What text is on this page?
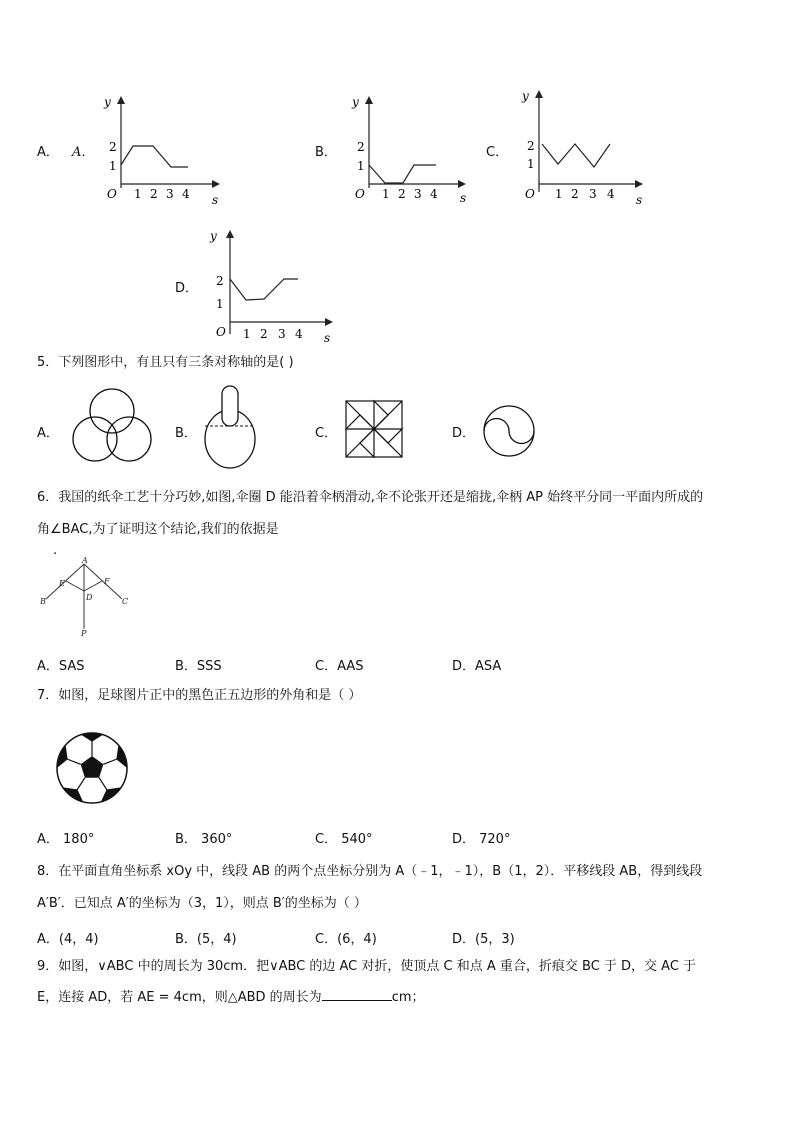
A． A．
y
s
O
2
1
1 2 3 4
B．
y
s
O
2
1
1 2 3 4
C．
y
s
O
2
1
1 2 3 4
D．
y
s
O
2
1
1 2 3 4
5．下列图形中，有且只有三条对称轴的是( )
A．	B．	C．	D．
6．我国的纸伞工艺十分巧妙,如图,伞圈 D 能沿着伞柄滑动,伞不论张开还是缩拢,伞柄 AP 始终平分同一平面内所成的
角∠BAC,为了证明这个结论,我们的依据是
.
A
B	C
D
E	F
P
A．SAS	B．SSS	C．AAS	D．ASA
7．如图，足球图片正中的黑色正五边形的外角和是（ ）
A． 180°	B． 360°	C． 540°	D． 720°
8．在平面直角坐标系 xOy 中，线段 AB 的两个点坐标分别为 A（﹣1，﹣1），B（1，2）．平移线段 AB，得到线段
A′B′．已知点 A′的坐标为（3，1），则点 B′的坐标为（ ）
A．(4，4)	B．(5，4)	C．(6，4)	D．(5，3)
9．如图，∨ABC 中的周长为 30cm．把∨ABC 的边 AC 对折，使顶点 C 和点 A 重合，折痕交 BC 于 D，交 AC 于
E，连接 AD，若 AE = 4cm，则△ABD 的周长为	cm；
